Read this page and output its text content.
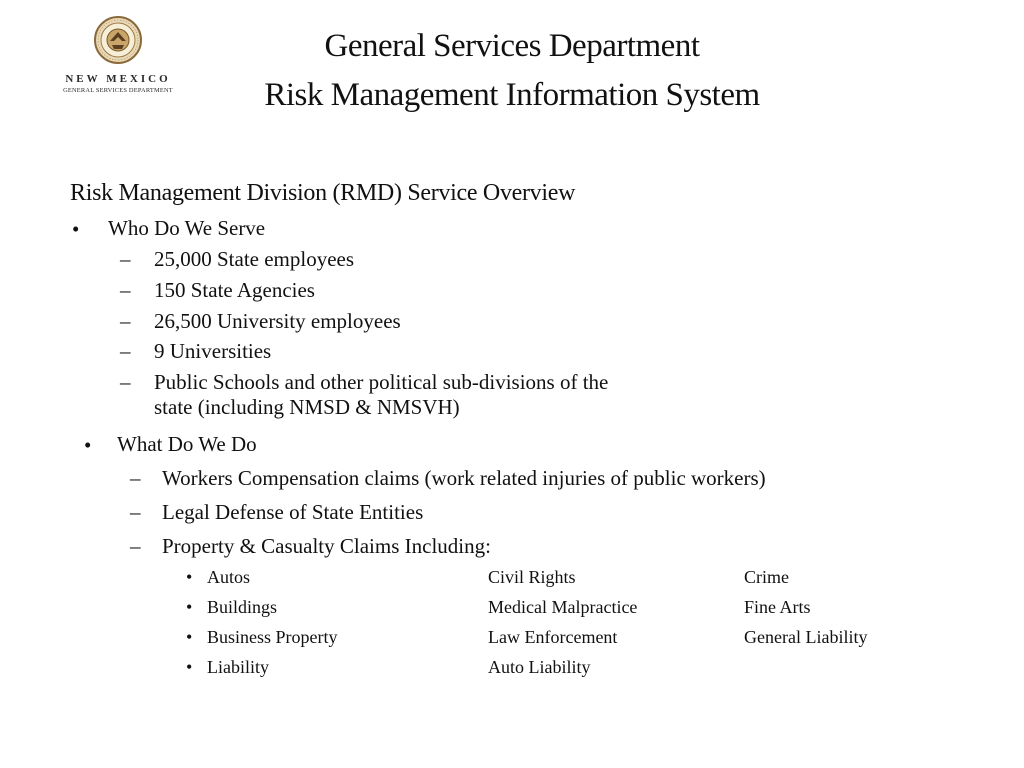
NEW MEXICO
GENERAL SERVICES DEPARTMENT
General Services Department
Risk Management Information System
Risk Management Division (RMD) Service Overview
• Who Do We Serve
– 25,000 State employees
– 150 State Agencies
– 26,500 University employees
– 9 Universities
– Public Schools and other political sub-divisions of the
state (including NMSD & NMSVH)
• What Do We Do
– Workers Compensation claims (work related injuries of public workers)
– Legal Defense of State Entities
– Property & Casualty Claims Including:
• Autos
• Buildings
• Business Property
• Liability
Civil Rights
Medical Malpractice
Law Enforcement
Auto Liability
Crime
Fine Arts
General Liability
